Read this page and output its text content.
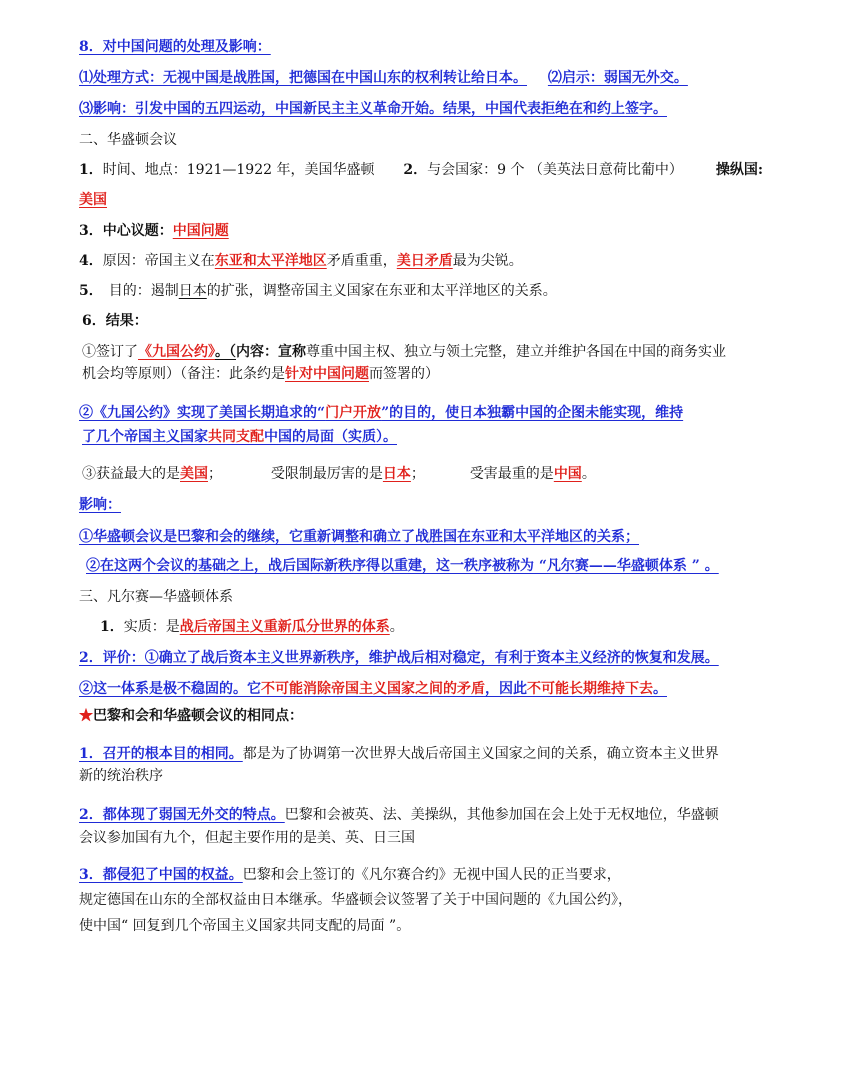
8．对中国问题的处理及影响：
⑴处理方式：无视中国是战胜国，把德国在中国山东的权利转让给日本。 ⑵启示：弱国无外交。
⑶影响：引发中国的五四运动，中国新民主主义革命开始。结果，中国代表拒绝在和约上签字。
二、华盛顿会议
1．时间、地点：1921—1922 年，美国华盛顿 2．与会国家：9 个 （美英法日意荷比葡中） 操纵国:
美国
3．中心议题：中国问题
4．原因：帝国主义在东亚和太平洋地区矛盾重重，美日矛盾最为尖锐。
5． 目的：遏制日本的扩张，调整帝国主义国家在东亚和太平洋地区的关系。
6．结果：
①签订了《九国公约》。（内容：宣称尊重中国主权、独立与领土完整，建立并维护各国在中国的商务实业
机会均等原则）（备注：此条约是针对中国问题而签署的）
②《九国公约》实现了美国长期追求的“门户开放”的目的，使日本独霸中国的企图未能实现，维持
了几个帝国主义国家共同支配中国的局面（实质）。
③获益最大的是美国；	受限制最厉害的是日本；	受害最重的是中国。
影响：
①华盛顿会议是巴黎和会的继续，它重新调整和确立了战胜国在东亚和太平洋地区的关系；
②在这两个会议的基础之上，战后国际新秩序得以重建，这一秩序被称为 “凡尔赛——华盛顿体系 ” 。
三、凡尔赛—华盛顿体系
1．实质：是战后帝国主义重新瓜分世界的体系。
2．评价：①确立了战后资本主义世界新秩序，维护战后相对稳定，有利于资本主义经济的恢复和发展。
②这一体系是极不稳固的。它不可能消除帝国主义国家之间的矛盾，因此不可能长期维持下去。
★巴黎和会和华盛顿会议的相同点：
1．召开的根本目的相同。都是为了协调第一次世界大战后帝国主义国家之间的关系，确立资本主义世界
新的统治秩序
2．都体现了弱国无外交的特点。巴黎和会被英、法、美操纵，其他参加国在会上处于无权地位，华盛顿
会议参加国有九个，但起主要作用的是美、英、日三国
3．都侵犯了中国的权益。巴黎和会上签订的《凡尔赛合约》无视中国人民的正当要求，
规定德国在山东的全部权益由日本继承。华盛顿会议签署了关于中国问题的《九国公约》，
使中国“ 回复到几个帝国主义国家共同支配的局面 ”。
